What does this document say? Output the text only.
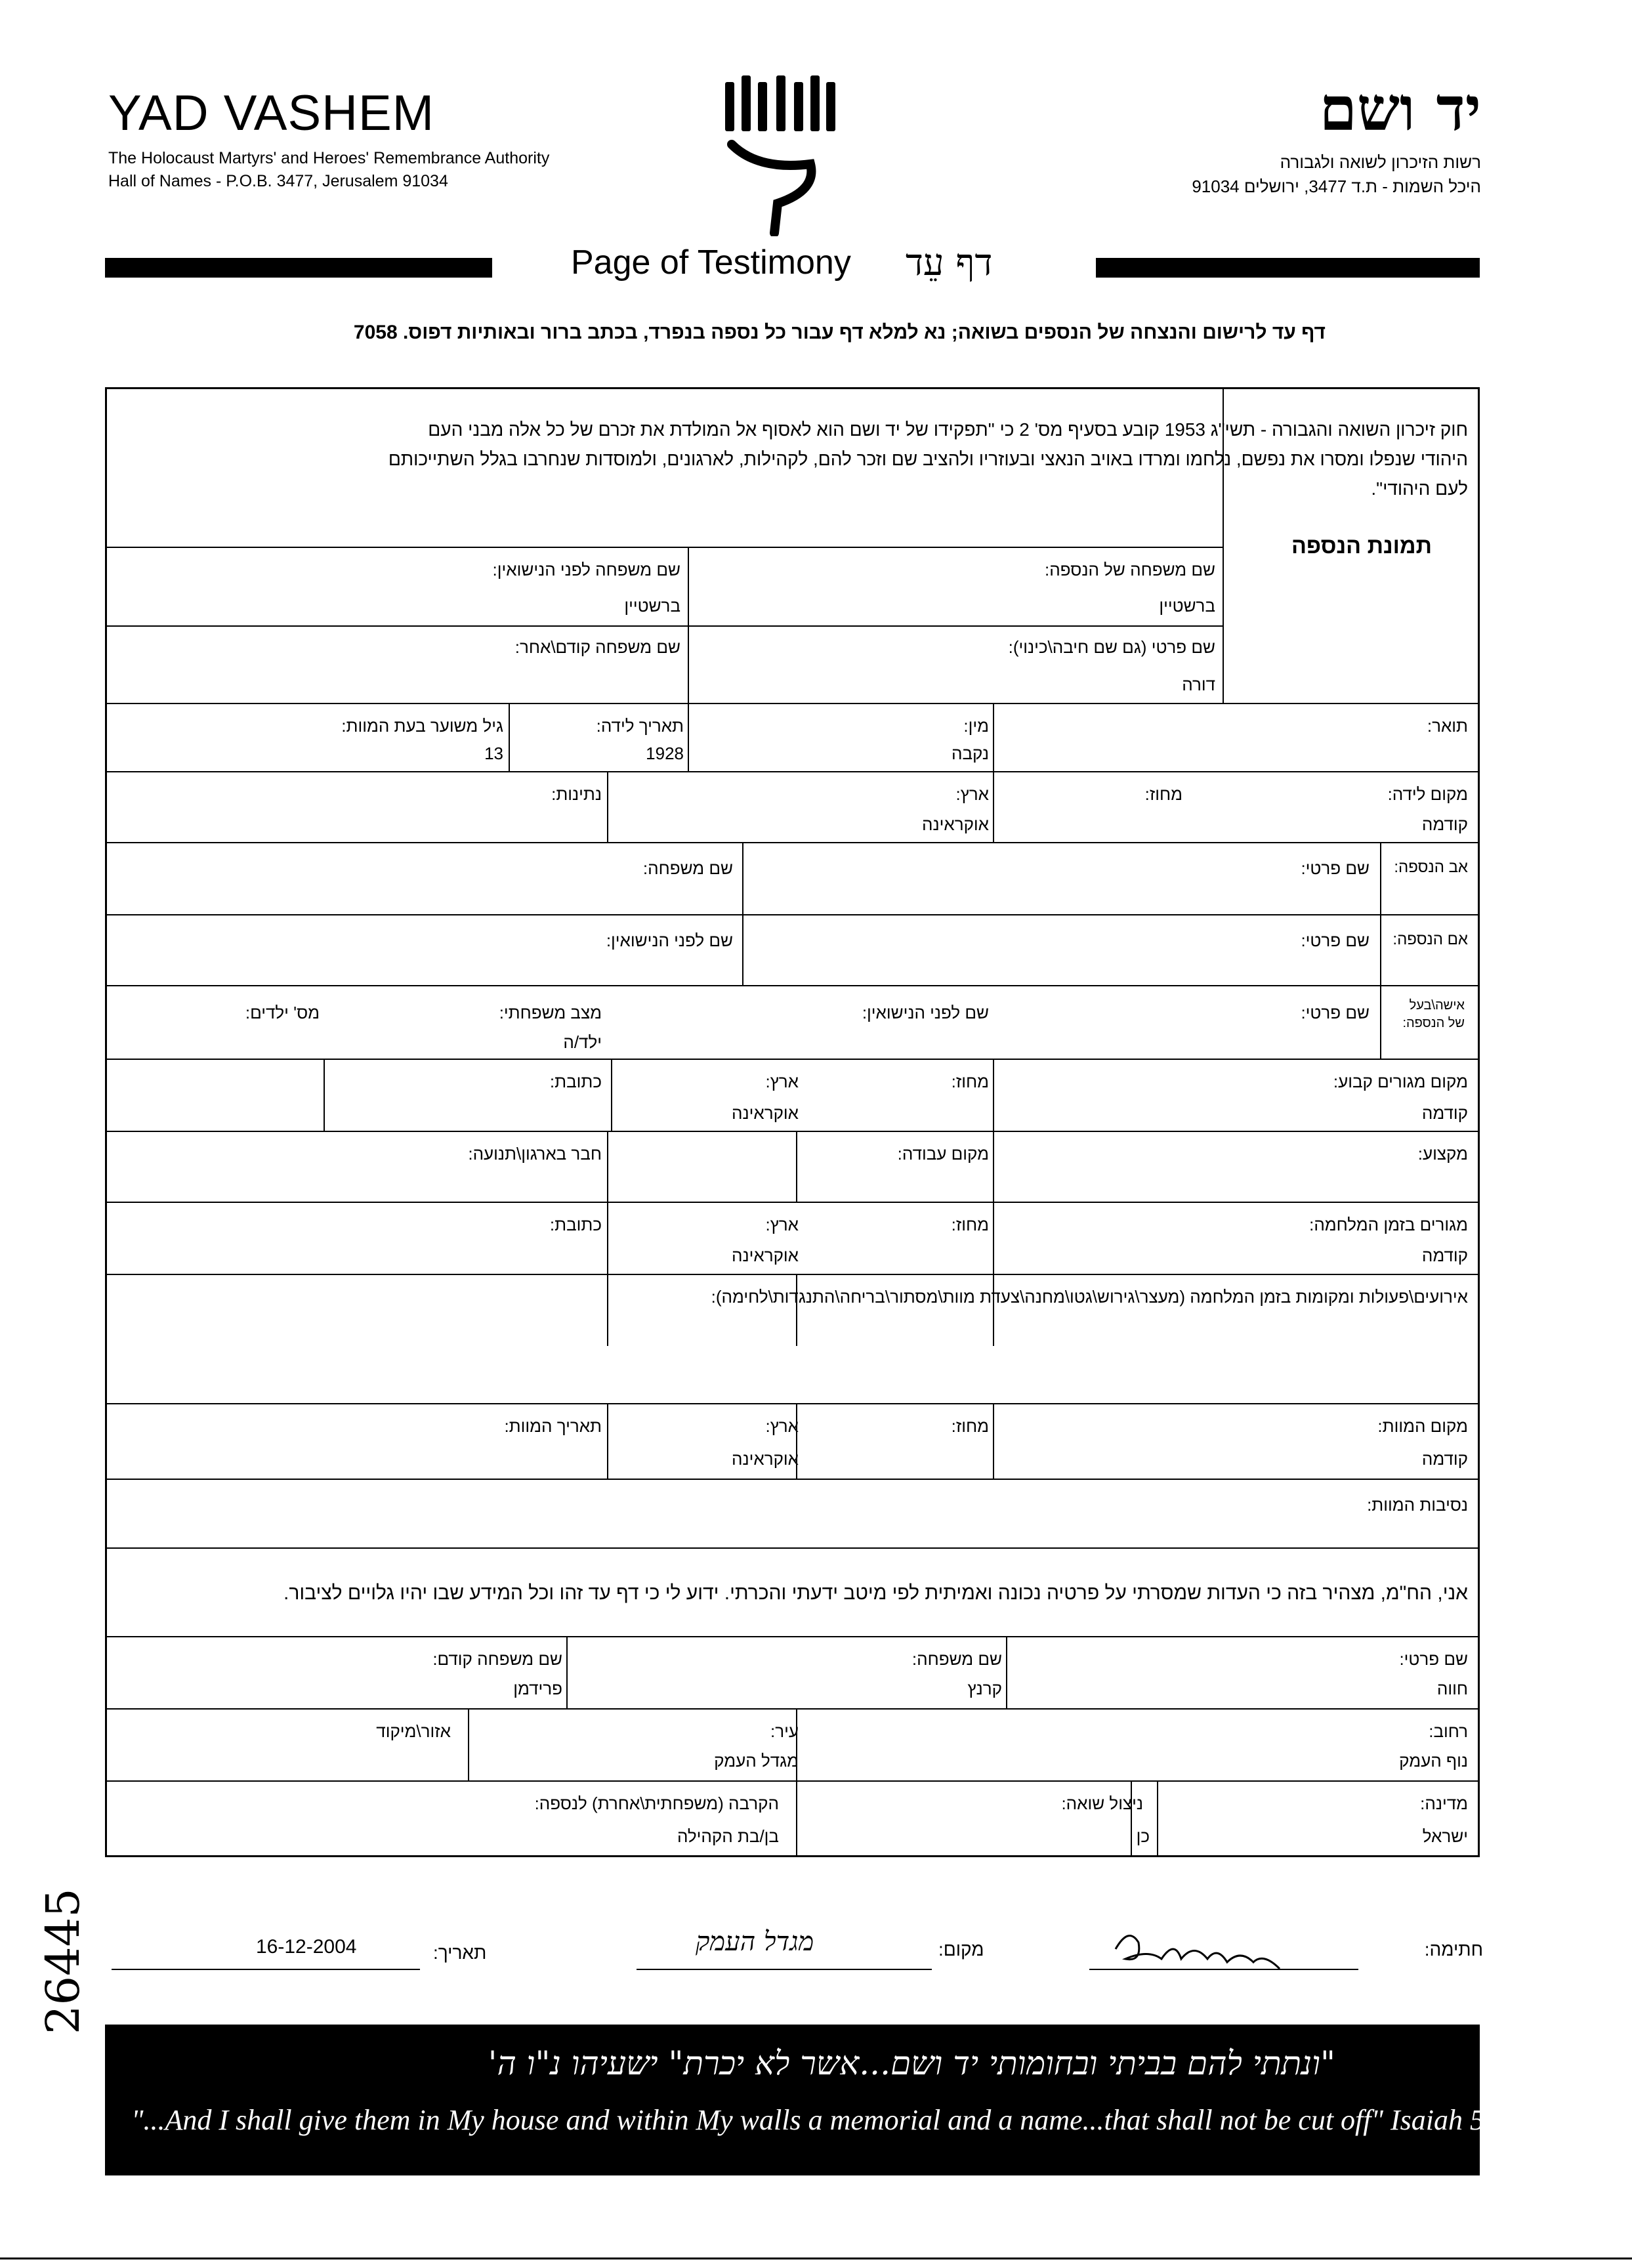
YAD VASHEM
The Holocaust Martyrs' and Heroes' Remembrance Authority
Hall of Names - P.O.B. 3477, Jerusalem 91034
יד ושם
רשות הזיכרון לשואה ולגבורה
היכל השמות - ת.ד 3477, ירושלים 91034
Page of Testimony דף עֵד
דף עד לרישום והנצחה של הנספים בשואה; נא למלא דף עבור כל נספה בנפרד, בכתב ברור ובאותיות דפוס. 7058
חוק זיכרון השואה והגבורה - תשי"ג 1953 קובע בסעיף מס' 2 כי "תפקידו של יד ושם הוא לאסוף אל המולדת את זכרם של כל אלה מבני העם היהודי שנפלו ומסרו את נפשם, נלחמו ומרדו באויב הנאצי ובעוזריו ולהציב שם וזכר להם, לקהילות, לארגונים, ולמוסדות שנחרבו בגלל השתייכותם לעם היהודי".
תמונת הנספה
שם משפחה של הנספה:
ברשטיין
שם משפחה לפני הנישואין:
ברשטיין
שם פרטי (גם שם חיבה\כינוי):
דורה
שם משפחה קודם\אחר:
תואר:
מין:
נקבה
תאריך לידה:
1928
גיל משוער בעת המוות:
13
מקום לידה:
קודמה
מחוז:
ארץ:
אוקראינה
נתינות:
אב הנספה:
שם פרטי:
שם משפחה:
אם הנספה:
שם פרטי:
שם לפני הנישואין:
אישה\בעל
של הנספה:
שם פרטי:
שם לפני הנישואין:
מצב משפחתי:
ילד/ה
מס' ילדים:
מקום מגורים קבוע:
קודמה
מחוז:
ארץ:
אוקראינה
כתובת:
מקצוע:
מקום עבודה:
חבר בארגון\תנועה:
מגורים בזמן המלחמה:
קודמה
מחוז:
ארץ:
אוקראינה
כתובת:
אירועים\פעולות ומקומות בזמן המלחמה (מעצר\גירוש\גטו\מחנה\צעדת מוות\מסתור\בריחה\התנגדות\לחימה):
מקום המוות:
קודמה
מחוז:
ארץ:
אוקראינה
תאריך המוות:
נסיבות המוות:
אני, הח"מ, מצהיר בזה כי העדות שמסרתי על פרטיה נכונה ואמיתית לפי מיטב ידעתי והכרתי. ידוע לי כי דף עד זהו וכל המידע שבו יהיו גלויים לציבור.
שם פרטי:
חווה
שם משפחה:
קרנץ
שם משפחה קודם:
פרידמן
רחוב:
נוף העמק
עיר:
מגדל העמק
אזור\מיקוד
מדינה:
ישראל
ניצול שואה:
כן
הקרבה (משפחתית\אחרת) לנספה:
בן/בת הקהילה
חתימה:
מקום:
מגדל העמק
תאריך:
16-12-2004
"ונתתי להם בביתי ובחומותי יד ושם...אשר לא יכרת" ישעיהו נ"ו ה'
"...And I shall give them in My house and within My walls a memorial and a name...that shall not be cut off" Isaiah 56:5
26445
